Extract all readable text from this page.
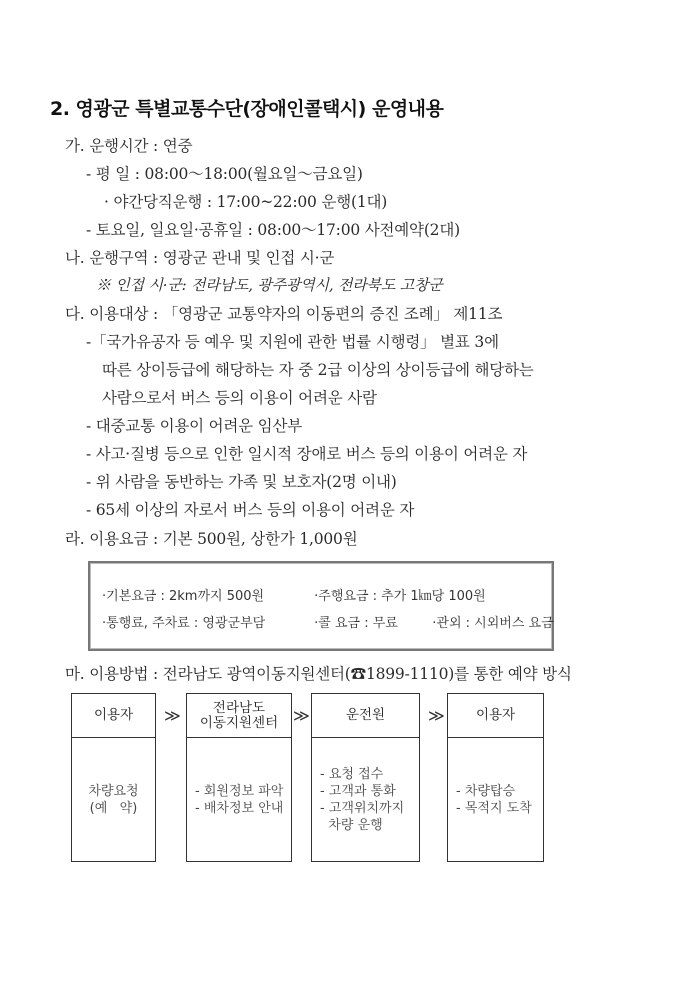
2. 영광군 특별교통수단(장애인콜택시) 운영내용
가. 운행시간 : 연중
- 평 일 : 08:00～18:00(월요일～금요일)
· 야간당직운행 : 17:00~22:00 운행(1대)
- 토요일, 일요일·공휴일 : 08:00～17:00 사전예약(2대)
나. 운행구역 : 영광군 관내 및 인접 시·군
※ 인접 시·군: 전라남도, 광주광역시, 전라북도 고창군
다. 이용대상 : 「영광군 교통약자의 이동편의 증진 조례」 제11조
-「국가유공자 등 예우 및 지원에 관한 법률 시행령」 별표 3에
따른 상이등급에 해당하는 자 중 2급 이상의 상이등급에 해당하는
사람으로서 버스 등의 이용이 어려운 사람
- 대중교통 이용이 어려운 임산부
- 사고·질병 등으로 인한 일시적 장애로 버스 등의 이용이 어려운 자
- 위 사람을 동반하는 가족 및 보호자(2명 이내)
- 65세 이상의 자로서 버스 등의 이용이 어려운 자
라. 이용요금 : 기본 500원, 상한가 1,000원
·기본요금 : 2km까지 500원	·주행요금 : 추가 1㎞당 100원
·통행료, 주차료 : 영광군부담	·콜 요금 : 무료	·관외 : 시외버스 요금
마. 이용방법 : 전라남도 광역이동지원센터(☎1899-1110)를 통한 예약 방식
이용자
차량요청
(예   약)
≫ 전라남도
이동지원센터
- 회원정보 파악
- 배차정보 안내
≫	운전원
- 요청 접수
- 고객과 통화
- 고객위치까지
차량 운행
≫ 이용자
- 차량탑승
- 목적지 도착
